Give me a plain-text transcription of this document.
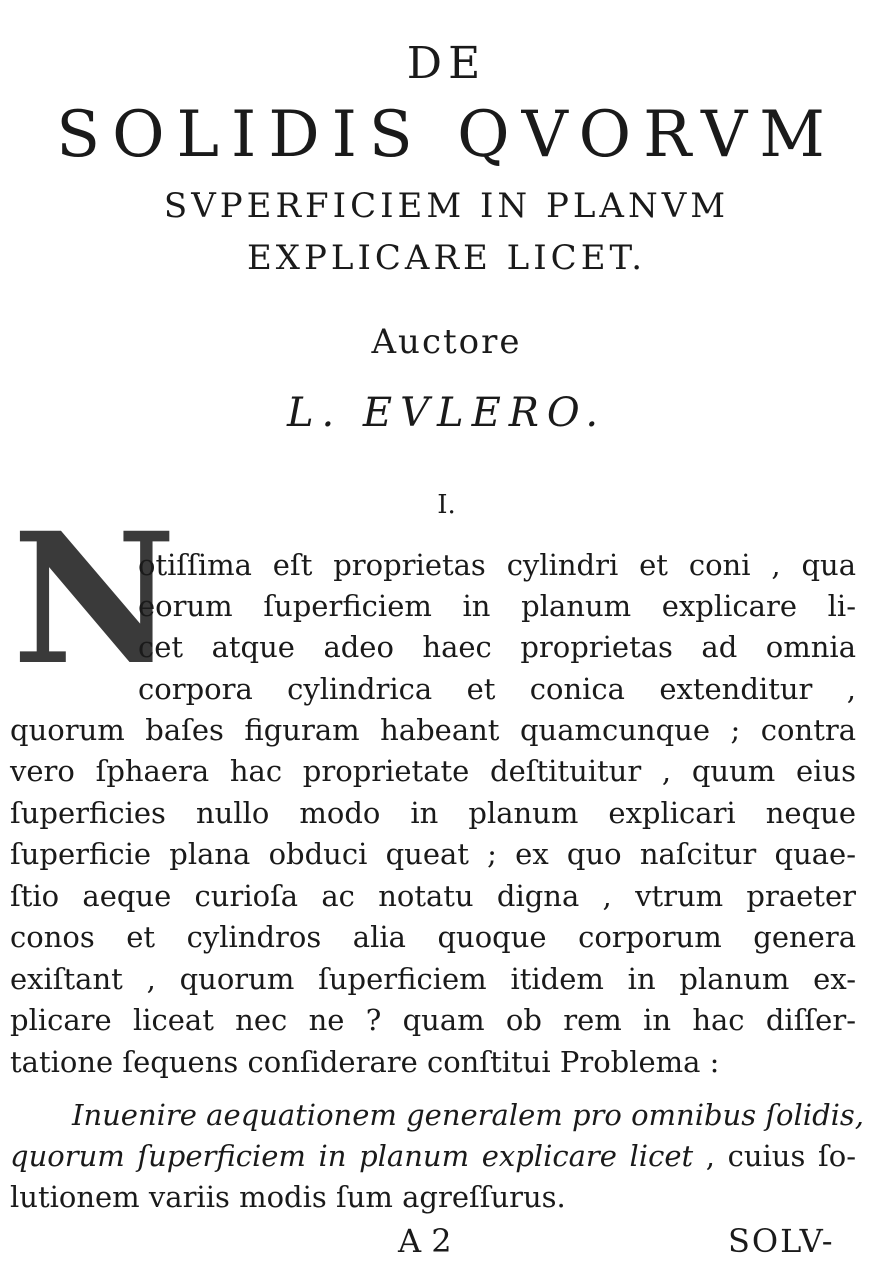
DE
SOLIDIS QVORVM
SVPERFICIEM IN PLANVM
EXPLICARE LICET.
Auctore
L. EVLERO.
I.
N
otiſſima eſt proprietas cylindri et coni , qua
eorum ſuperficiem in planum explicare li-
cet atque adeo haec proprietas ad omnia
corpora cylindrica et conica extenditur ,
quorum baſes figuram habeant quamcunque ; contra
vero ſphaera hac proprietate deſtituitur , quum eius
ſuperficies nullo modo in planum explicari neque
ſuperficie plana obduci queat ; ex quo naſcitur quae-
ſtio aeque curioſa ac notatu digna , vtrum praeter
conos et cylindros alia quoque corporum genera
exiſtant , quorum ſuperficiem itidem in planum ex-
plicare liceat nec ne ? quam ob rem in hac diſſer-
tatione ſequens conſiderare conſtitui Problema :
Inuenire aequationem generalem pro omnibus ſolidis,
quorum ſuperficiem in planum explicare licet , cuius ſo-
lutionem variis modis ſum agreſſurus.
A 2	SOLV-
